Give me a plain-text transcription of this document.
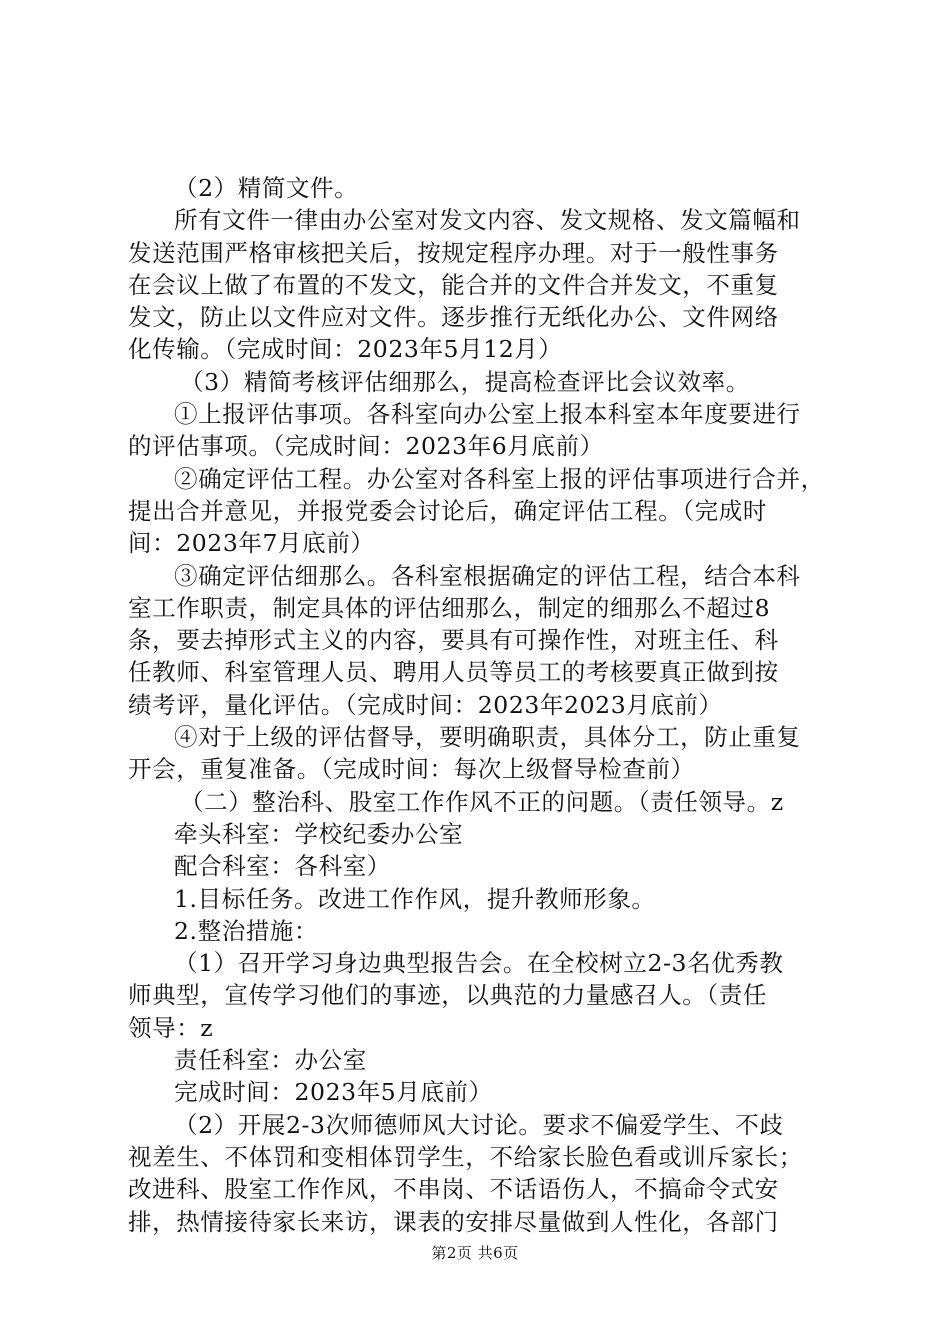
（2）精简文件。
所有文件一律由办公室对发文内容、发文规格、发文篇幅和
发送范围严格审核把关后，按规定程序办理。对于一般性事务
在会议上做了布置的不发文，能合并的文件合并发文，不重复
发文，防止以文件应对文件。逐步推行无纸化办公、文件网络
化传输。（完成时间：2023年5月12月）
（3）精简考核评估细那么，提高检查评比会议效率。
①上报评估事项。各科室向办公室上报本科室本年度要进行
的评估事项。（完成时间：2023年6月底前）
②确定评估工程。办公室对各科室上报的评估事项进行合并，
提出合并意见，并报党委会讨论后，确定评估工程。（完成时
间：2023年7月底前）
③确定评估细那么。各科室根据确定的评估工程，结合本科
室工作职责，制定具体的评估细那么，制定的细那么不超过8
条，要去掉形式主义的内容，要具有可操作性，对班主任、科
任教师、科室管理人员、聘用人员等员工的考核要真正做到按
绩考评，量化评估。（完成时间：2023年2023月底前）
④对于上级的评估督导，要明确职责，具体分工，防止重复
开会，重复准备。（完成时间：每次上级督导检查前）
（二）整治科、股室工作作风不正的问题。（责任领导。z
牵头科室：学校纪委办公室
配合科室：各科室）
1.目标任务。改进工作作风，提升教师形象。
2.整治措施：
（1）召开学习身边典型报告会。在全校树立2-3名优秀教
师典型，宣传学习他们的事迹，以典范的力量感召人。（责任
领导：z
责任科室：办公室
完成时间：2023年5月底前）
（2）开展2-3次师德师风大讨论。要求不偏爱学生、不歧
视差生、不体罚和变相体罚学生，不给家长脸色看或训斥家长；
改进科、股室工作作风，不串岗、不话语伤人，不搞命令式安
排，热情接待家长来访，课表的安排尽量做到人性化，各部门
第2页 共6页
